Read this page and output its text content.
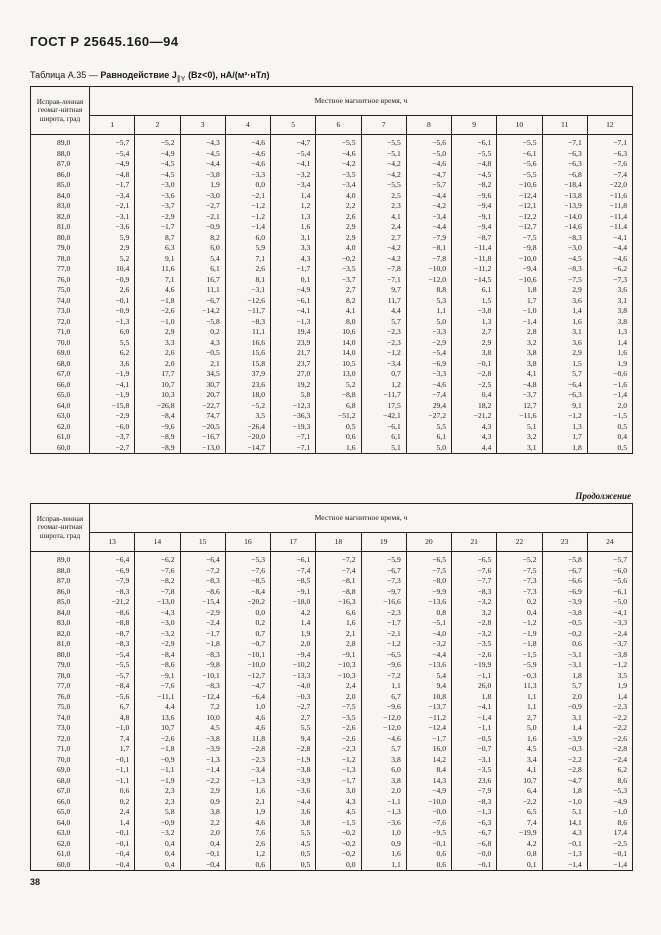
ГОСТ Р 25645.160—94
Таблица А.35 — Равнодействие $J_{\parallel Y}$ (Bz<0), нА/(м²·нТл)
Исправ-ленная геомаг-нитная широта, град	Местное магнитное время, ч											
	1	2	3	4	5	6	7	8	9	10	11	12
89,0	−5,7	−5,2	−4,3	−4,6	−4,7	−5,5	−5,5	−5,6	−6,1	−5,5	−7,1	−7,1
88,0	−5,4	−4,9	−4,5	−4,6	−5,4	−4,6	−5,1	−5,0	−5,5	−6,1	−6,3	−6,3
87,0	−4,9	−4,5	−4,4	−4,6	−4,1	−4,2	−4,2	−4,6	−4,8	−5,6	−6,3	−7,6
86,0	−4,8	−4,5	−3,8	−3,3	−3,2	−3,5	−4,2	−4,7	−4,5	−5,5	−6,8	−7,4
85,0	−1,7	−3,0	1,9	0,0	−3,4	−3,4	−5,5	−5,7	−8,2	−10,6	−18,4	−22,0
84,0	−3,4	−3,6	−3,0	−2,1	1,4	4,0	2,5	−4,4	−9,6	−12,4	−13,8	−11,6
83,0	−2,1	−3,7	−2,7	−1,2	1,2	2,2	2,3	−4,2	−9,4	−12,1	−13,9	−11,8
82,0	−3,1	−2,9	−2,1	−1,2	1,3	2,6	4,1	−3,4	−9,1	−12,2	−14,0	−11,4
81,0	−3,6	−1,7	−0,9	−1,4	1,6	2,9	2,4	−4,4	−9,4	−12,7	−14,6	−11,4
80,0	5,9	8,7	8,2	6,0	3,1	2,9	2,7	−7,9	−8,7	−7,5	−8,3	−4,1
79,0	2,9	6,3	6,0	5,9	3,3	4,0	−4,2	−8,1	−11,4	−9,8	−3,0	−4,4
78,0	5,2	9,1	5,4	7,1	4,3	−0,2	−4,2	−7,8	−11,8	−10,0	−4,5	−4,6
77,0	10,4	11,6	6,1	2,6	−1,7	−3,5	−7,8	−10,0	−11,2	−9,4	−8,3	−6,2
76,0	−0,9	7,1	16,7	8,1	0,1	−3,7	−7,1	−12,0	−14,5	−10,6	−7,5	−7,3
75,0	2,6	4,6	11,1	−3,1	−4,9	2,7	9,7	8,8	6,1	1,8	2,9	3,6
74,0	−0,1	−1,8	−6,7	−12,6	−6,1	8,2	11,7	5,3	1,5	1,7	3,6	3,1
73,0	−0,9	−2,6	−14,2	−11,7	−4,1	4,1	4,4	1,1	−3,8	−1,0	1,4	3,8
72,0	−1,3	−1,0	−5,8	−8,3	−1,3	8,0	5,7	5,0	1,3	−1,4	1,6	3,8
71,0	6,0	2,9	0,2	11,1	19,4	10,6	−2,3	−3,3	2,7	2,8	3,1	1,3
70,0	5,5	3,3	4,3	16,6	23,9	14,0	−2,3	−2,9	2,9	3,2	3,6	1,4
69,0	6,2	2,6	−0,5	15,6	21,7	14,0	−1,2	−5,4	3,8	3,8	2,9	1,6
68,0	3,6	2,0	2,1	15,8	23,7	10,5	−3,4	−6,9	−0,1	3,8	1,5	1,9
67,0	−1,9	17,7	34,5	37,9	27,0	13,0	0,7	−3,3	−2,8	4,1	5,7	−0,6
66,0	−4,1	10,7	30,7	23,6	19,2	5,2	1,2	−4,6	−2,5	−4,8	−6,4	−1,6
65,0	−1,9	10,3	20,7	18,0	5,8	−8,8	−11,7	−7,4	0,4	−3,7	−6,3	−1,4
64,0	−15,8	−26,8	−22,7	−5,2	−12,3	6,8	17,5	29,4	18,2	12,7	9,1	2,0
63,0	−2,9	−8,4	74,7	3,5	−36,3	−51,2	−42,1	−27,2	−21,2	−11,6	−1,2	−1,5
62,0	−6,0	−9,6	−20,5	−26,4	−19,3	0,5	−6,1	5,5	4,3	5,1	1,3	0,5
61,0	−3,7	−8,9	−16,7	−20,0	−7,1	0,6	6,1	6,1	4,3	3,2	1,7	0,4
60,0	−2,7	−8,9	−13,0	−14,7	−7,1	1,6	5,1	5,0	4,4	3,1	1,8	0,5
Продолжение
Исправ-ленная геомаг-нитная широта, град	Местное магнитное время, ч											
	13	14	15	16	17	18	19	20	21	22	23	24
89,0	−6,4	−6,2	−6,4	−5,3	−6,1	−7,2	−5,9	−6,5	−6,5	−5,2	−5,8	−5,7
88,0	−6,9	−7,6	−7,2	−7,6	−7,4	−7,4	−6,7	−7,5	−7,6	−7,5	−6,7	−6,0
87,0	−7,9	−8,2	−8,3	−8,5	−8,5	−8,1	−7,3	−8,0	−7,7	−7,3	−6,6	−5,6
86,0	−8,3	−7,8	−8,6	−8,4	−9,1	−8,8	−9,7	−9,9	−8,3	−7,3	−6,9	−6,1
85,0	−21,2	−13,0	−15,4	−20,2	−18,0	−16,3	−16,6	−13,6	−3,2	0,2	−3,9	−5,0
84,0	−8,6	−4,3	−2,9	0,0	4,2	6,6	−2,3	0,8	3,2	0,4	−3,8	−4,1
83,0	−8,8	−3,0	−2,4	0,2	1,4	1,6	−1,7	−5,1	−2,8	−1,2	−0,5	−3,3
82,0	−8,7	−3,2	−1,7	0,7	1,9	2,1	−2,1	−4,0	−3,2	−1,9	−0,2	−2,4
81,0	−8,3	−2,9	−1,8	−0,7	2,0	2,8	−1,2	−3,2	−3,5	−1,8	0,6	−3,7
80,0	−5,4	−8,4	−8,3	−10,1	−9,4	−9,1	−6,5	−4,4	−2,6	−1,5	−3,1	−3,8
79,0	−5,5	−8,6	−9,8	−10,0	−10,2	−10,3	−9,6	−13,6	−19,9	−5,9	−3,1	−1,2
78,0	−5,7	−9,1	−10,1	−12,7	−13,3	−10,3	−7,2	5,4	−1,1	−0,3	1,8	3,5
77,0	−8,4	−7,6	−8,3	−4,7	−4,0	2,4	1,1	9,4	26,0	11,3	5,7	1,9
76,0	−5,6	−11,1	−12,4	−6,4	−0,3	2,0	6,7	10,8	1,8	1,1	2,0	1,4
75,0	6,7	4,4	7,2	1,0	−2,7	−7,5	−9,6	−13,7	−4,1	1,1	−0,9	−2,3
74,0	4,8	13,6	10,0	4,6	2,7	−3,5	−12,0	−11,2	−1,4	2,7	3,1	−2,2
73,0	−1,0	10,7	4,5	4,6	5,5	−2,6	−12,0	−12,4	−1,1	5,0	1,4	−2,2
72,0	7,4	−2,6	−3,8	11,8	9,4	−2,6	−4,6	−1,7	−0,5	1,6	−3,9	−2,6
71,0	1,7	−1,8	−3,9	−2,8	−2,8	−2,3	5,7	16,0	−0,7	4,5	−0,3	−2,8
70,0	−0,1	−0,9	−1,3	−2,3	−1,9	−1,2	3,8	14,2	−3,1	3,4	−2,2	−2,4
69,0	−1,1	−1,1	−1,4	−3,4	−3,8	−1,3	6,0	8,4	−3,5	4,1	−2,8	6,2
68,0	−1,1	−1,9	−2,2	−1,3	−3,9	−1,7	3,8	14,3	23,6	10,7	−4,7	8,6
67,0	0,6	2,3	2,9	1,6	−3,6	3,0	2,0	−4,9	−7,9	6,4	1,8	−5,3
66,0	0,2	2,3	0,9	2,1	−4,4	4,3	−1,1	−10,0	−8,3	−2,2	−1,0	−4,9
65,0	2,4	5,8	3,8	1,9	3,6	4,5	−1,3	−0,0	−1,3	6,5	5,1	−1,0
64,0	1,4	−0,9	2,2	4,6	3,8	−1,5	−3,6	−7,6	−6,3	7,4	14,1	8,6
63,0	−0,1	−3,2	2,0	7,6	5,5	−0,2	1,0	−9,5	−6,7	−19,9	4,3	17,4
62,0	−0,1	0,4	0,4	2,6	4,5	−0,2	0,9	−0,1	−6,8	4,2	−0,1	−2,5
61,0	−0,4	0,4	−0,1	1,2	0,5	−0,2	1,6	0,6	−0,0	0,8	−1,3	−0,1
60,0	−0,4	0,4	−0,4	0,6	0,5	0,0	1,1	0,6	−0,1	0,1	−1,4	−1,4
38
